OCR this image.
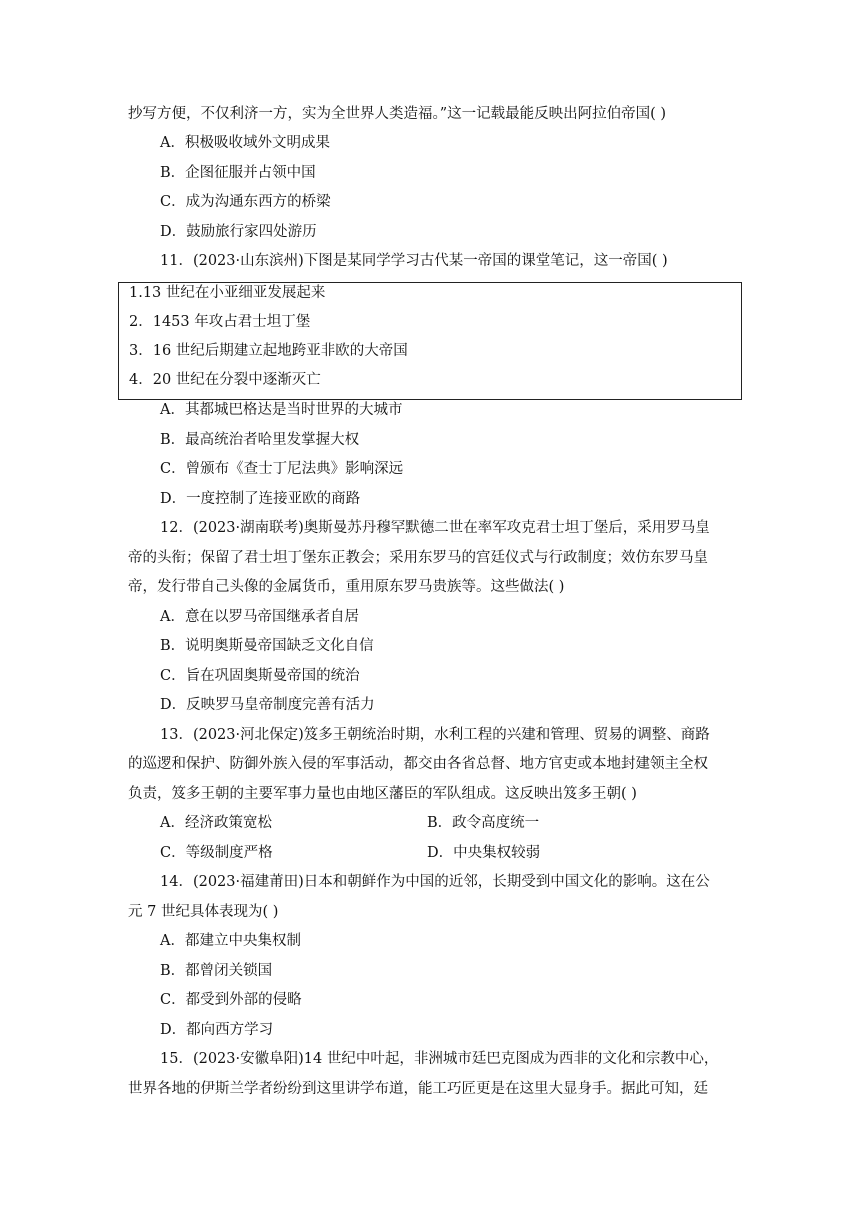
抄写方便，不仅利济一方，实为全世界人类造福。”这一记载最能反映出阿拉伯帝国( )
A．积极吸收域外文明成果
B．企图征服并占领中国
C．成为沟通东西方的桥梁
D．鼓励旅行家四处游历
11．(2023·山东滨州)下图是某同学学习古代某一帝国的课堂笔记，这一帝国( )
1.13 世纪在小亚细亚发展起来
2．1453 年攻占君士坦丁堡
3．16 世纪后期建立起地跨亚非欧的大帝国
4．20 世纪在分裂中逐渐灭亡
A．其都城巴格达是当时世界的大城市
B．最高统治者哈里发掌握大权
C．曾颁布《查士丁尼法典》影响深远
D．一度控制了连接亚欧的商路
12．(2023·湖南联考)奥斯曼苏丹穆罕默德二世在率军攻克君士坦丁堡后，采用罗马皇
帝的头衔；保留了君士坦丁堡东正教会；采用东罗马的宫廷仪式与行政制度；效仿东罗马皇
帝，发行带自己头像的金属货币，重用原东罗马贵族等。这些做法( )
A．意在以罗马帝国继承者自居
B．说明奥斯曼帝国缺乏文化自信
C．旨在巩固奥斯曼帝国的统治
D．反映罗马皇帝制度完善有活力
13．(2023·河北保定)笈多王朝统治时期，水利工程的兴建和管理、贸易的调整、商路
的巡逻和保护、防御外族入侵的军事活动，都交由各省总督、地方官吏或本地封建领主全权
负责，笈多王朝的主要军事力量也由地区藩臣的军队组成。这反映出笈多王朝( )
A．经济政策宽松	B．政令高度统一
C．等级制度严格	D．中央集权较弱
14．(2023·福建莆田)日本和朝鲜作为中国的近邻，长期受到中国文化的影响。这在公
元 7 世纪具体表现为( )
A．都建立中央集权制
B．都曾闭关锁国
C．都受到外部的侵略
D．都向西方学习
15．(2023·安徽阜阳)14 世纪中叶起，非洲城市廷巴克图成为西非的文化和宗教中心，
世界各地的伊斯兰学者纷纷到这里讲学布道，能工巧匠更是在这里大显身手。据此可知，廷
